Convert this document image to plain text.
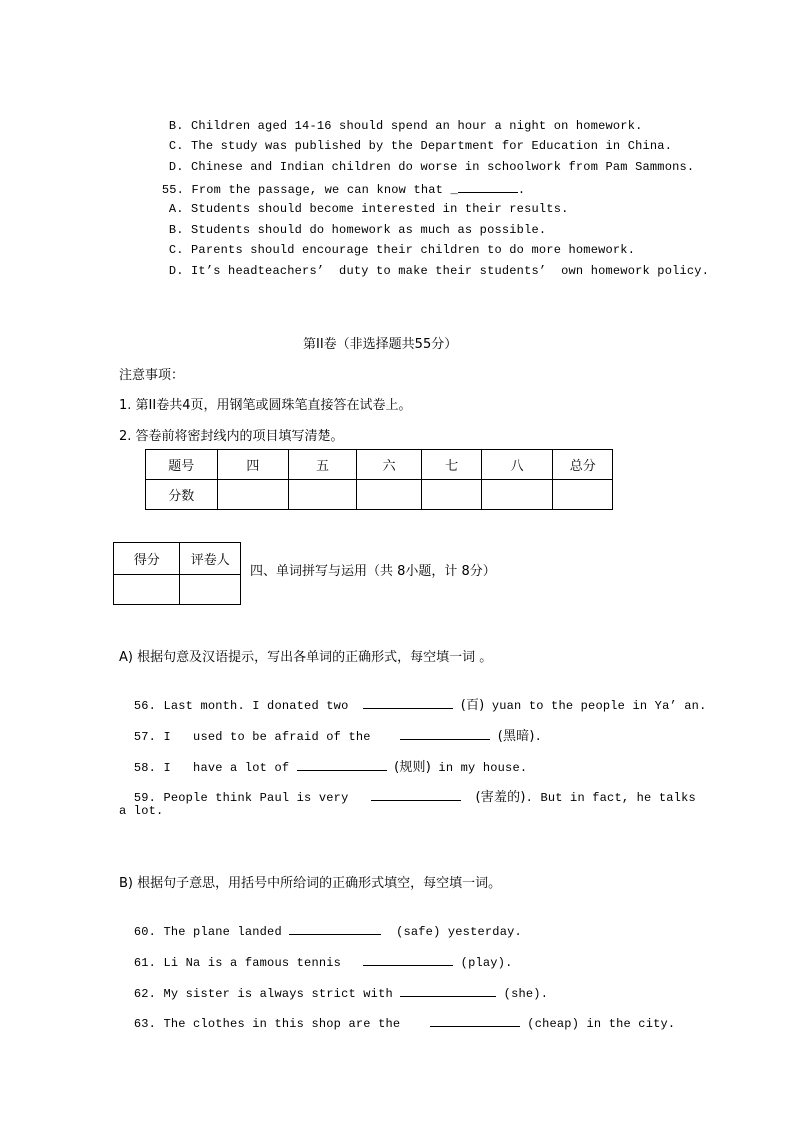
B. Children aged 14-16 should spend an hour a night on homework.

C. The study was published by the Department for Education in China.

D. Chinese and Indian children do worse in schoolwork from Pam Sammons.

55. From the passage, we can know that _	.

A. Students should become interested in their results.

B. Students should do homework as much as possible.

C. Parents should encourage their children to do more homework.

D. It’s headteachers’  duty to make their students’  own homework policy.

第II卷（非选择题共55分）
注意事项：
1. 第II卷共4页，用钢笔或圆珠笔直接答在试卷上。
2. 答卷前将密封线内的项目填写清楚。
题号	四	五	六	七	八	总分
分数						
得分	评卷人

四、单词拼写与运用（共 8小题，计 8分）
A) 根据句意及汉语提示，写出各单词的正确形式，每空填一词 。

56. Last month. I donated two	(百) yuan to the people in Ya’ an.

57. I   used to be afraid of the	(黑暗).

58. I   have a lot of	(规则) in my house.

59. People think Paul is very	(害羞的). But in fact, he talks

a lot.
B) 根据句子意思，用括号中所给词的正确形式填空，每空填一词。

60. The plane landed	(safe) yesterday.

61. Li Na is a famous tennis	(play).

62. My sister is always strict with	(she).

63. The clothes in this shop are the	(cheap) in the city.
